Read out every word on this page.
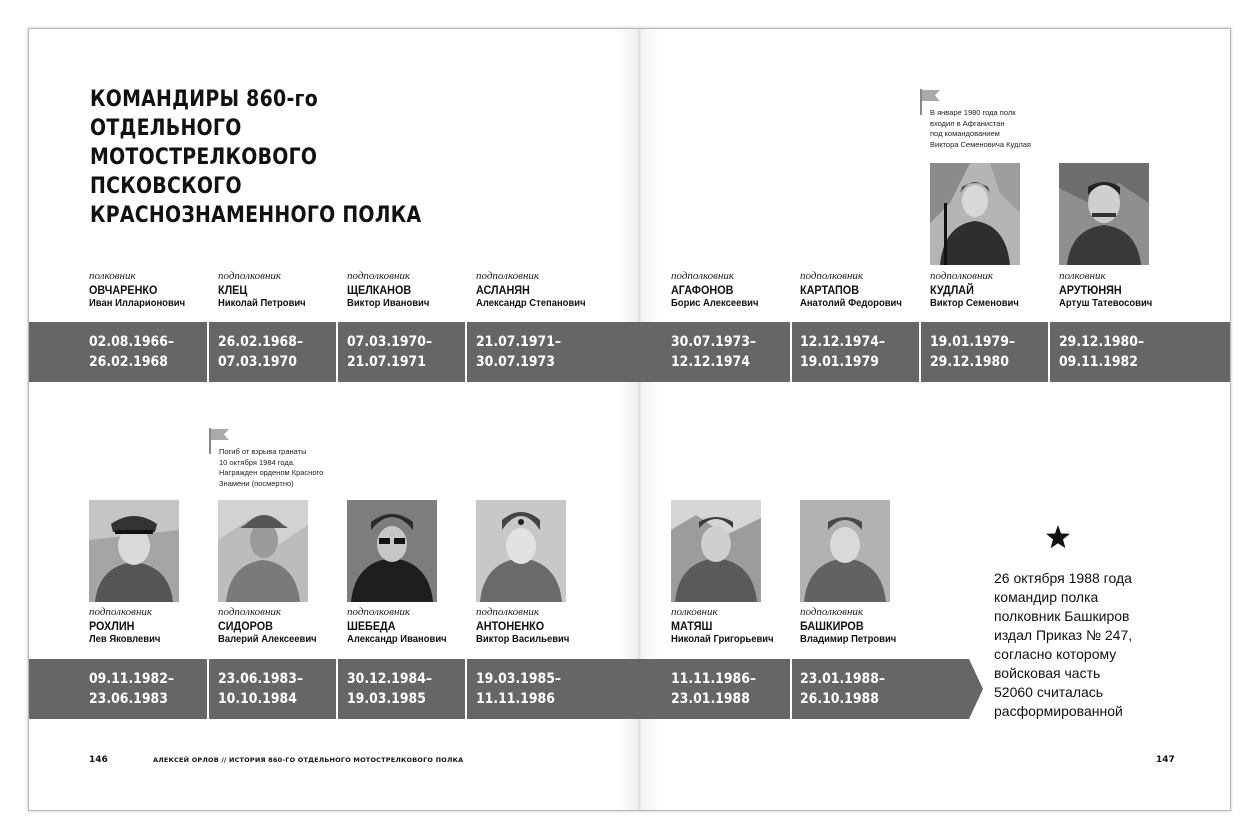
КОМАНДИРЫ 860-го ОТДЕЛЬНОГО
МОТОСТРЕЛКОВОГО ПСКОВСКОГО
КРАСНОЗНАМЕННОГО ПОЛКА
полковник
ОВЧАРЕНКО
Иван Илларионович
02.08.1966–
26.02.1968
подполковник
КЛЕЦ
Николай Петрович
26.02.1968–
07.03.1970
подполковник
ЩЕЛКАНОВ
Виктор Иванович
07.03.1970–
21.07.1971
подполковник
АСЛАНЯН
Александр Степанович
21.07.1971–
30.07.1973
подполковник
АГАФОНОВ
Борис Алексеевич
30.07.1973–
12.12.1974
подполковник
КАРТАПОВ
Анатолий Федорович
12.12.1974–
19.01.1979
В январе 1980 года полк
входил в Афганистан
под командованием
Виктора Семеновича Кудлая
подполковник
КУДЛАЙ
Виктор Семенович
19.01.1979–
29.12.1980
полковник
АРУТЮНЯН
Артуш Татевосович
29.12.1980–
09.11.1982
подполковник
РОХЛИН
Лев Яковлевич
09.11.1982–
23.06.1983
Погиб от взрыва гранаты
10 октября 1984 года.
Награжден орденом Красного
Знамени (посмертно)
подполковник
СИДОРОВ
Валерий Алексеевич
23.06.1983–
10.10.1984
подполковник
ШЕБЕДА
Александр Иванович
30.12.1984–
19.03.1985
подполковник
АНТОНЕНКО
Виктор Васильевич
19.03.1985–
11.11.1986
полковник
МАТЯШ
Николай Григорьевич
11.11.1986–
23.01.1988
подполковник
БАШКИРОВ
Владимир Петрович
23.01.1988–
26.10.1988
26 октября 1988 года
командир полка
полковник Башкиров
издал Приказ № 247,
согласно которому
войсковая часть
52060 считалась
расформированной
146	АЛЕКСЕЙ ОРЛОВ // ИСТОРИЯ 860-ГО ОТДЕЛЬНОГО МОТОСТРЕЛКОВОГО ПОЛКА	147
